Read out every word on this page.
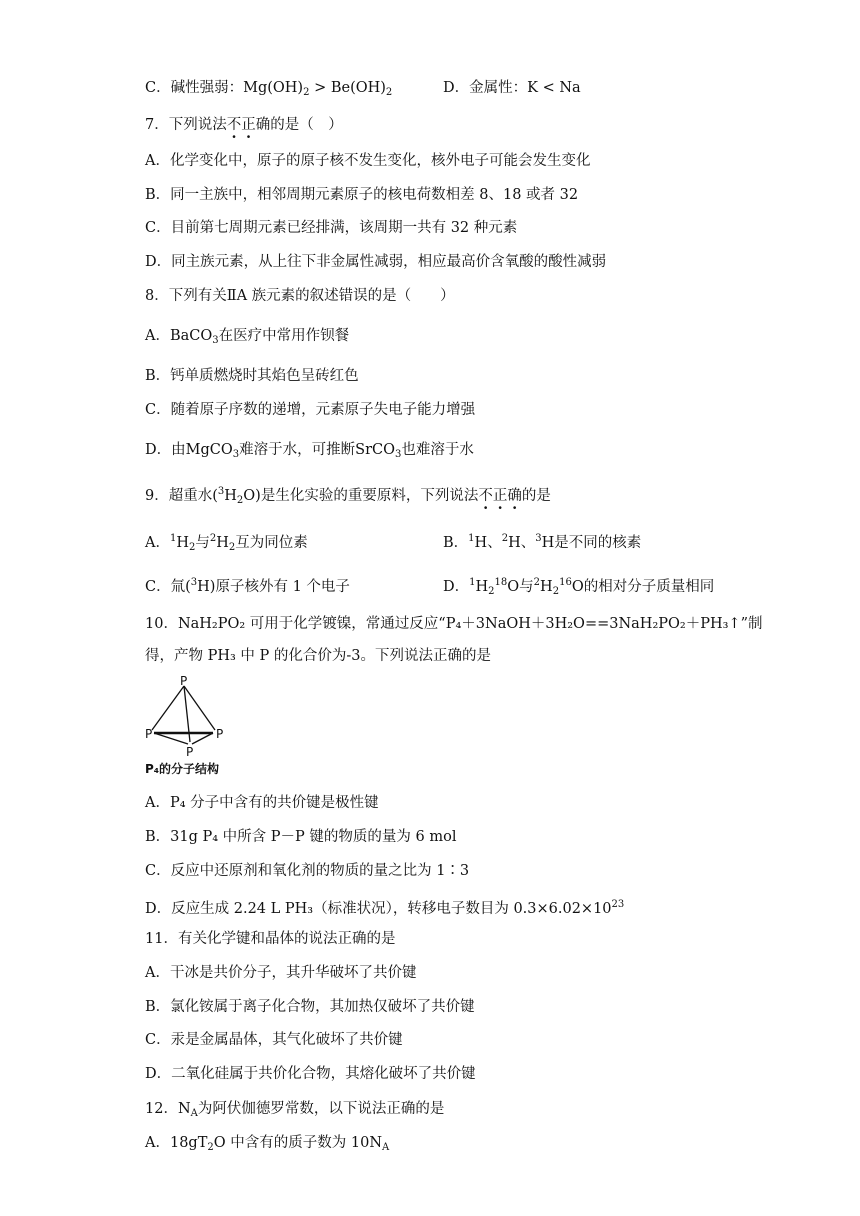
C．碱性强弱：$Mg(OH)_2 > Be(OH)_2$	D．金属性：K < Na
7．下列说法不正确的是（　）
A．化学变化中，原子的原子核不发生变化，核外电子可能会发生变化
B．同一主族中，相邻周期元素原子的核电荷数相差 8、18 或者 32
C．目前第七周期元素已经排满，该周期一共有 32 种元素
D．同主族元素，从上往下非金属性减弱，相应最高价含氧酸的酸性减弱
8．下列有关ⅡA 族元素的叙述错误的是（　　）
A．BaCO$_3$在医疗中常用作钡餐
B．钙单质燃烧时其焰色呈砖红色
C．随着原子序数的递增，元素原子失电子能力增强
D．由MgCO$_3$难溶于水，可推断SrCO$_3$也难溶于水
9．超重水$(^3H_2O)$是生化实验的重要原料，下列说法不正确的是
A．$^1H_2$与$^2H_2$互为同位素	B．$^1$H、$^2$H、$^3$H是不同的核素
C．氚($^3$H)原子核外有 1 个电子	D．$^1H_2^{18}O$与$^2H_2^{16}O$的相对分子质量相同
10．NaH₂PO₂ 可用于化学镀镍，常通过反应“P₄＋3NaOH＋3H₂O==3NaH₂PO₂＋PH₃↑”制
得，产物 PH₃ 中 P 的化合价为-3。下列说法正确的是
P
P	P
P
P₄的分子结构
A．P₄ 分子中含有的共价键是极性键
B．31g P₄ 中所含 P－P 键的物质的量为 6 mol
C．反应中还原剂和氧化剂的物质的量之比为 1∶3
D．反应生成 2.24 L PH₃（标准状况），转移电子数目为 $0.3\times 6.02\times 10^{23}$
11．有关化学键和晶体的说法正确的是
A．干冰是共价分子，其升华破坏了共价键
B．氯化铵属于离子化合物，其加热仅破坏了共价键
C．汞是金属晶体，其气化破坏了共价键
D．二氧化硅属于共价化合物，其熔化破坏了共价键
12．$N_A$为阿伏伽德罗常数，以下说法正确的是
A．$18gT_2O$ 中含有的质子数为 $10N_A$
